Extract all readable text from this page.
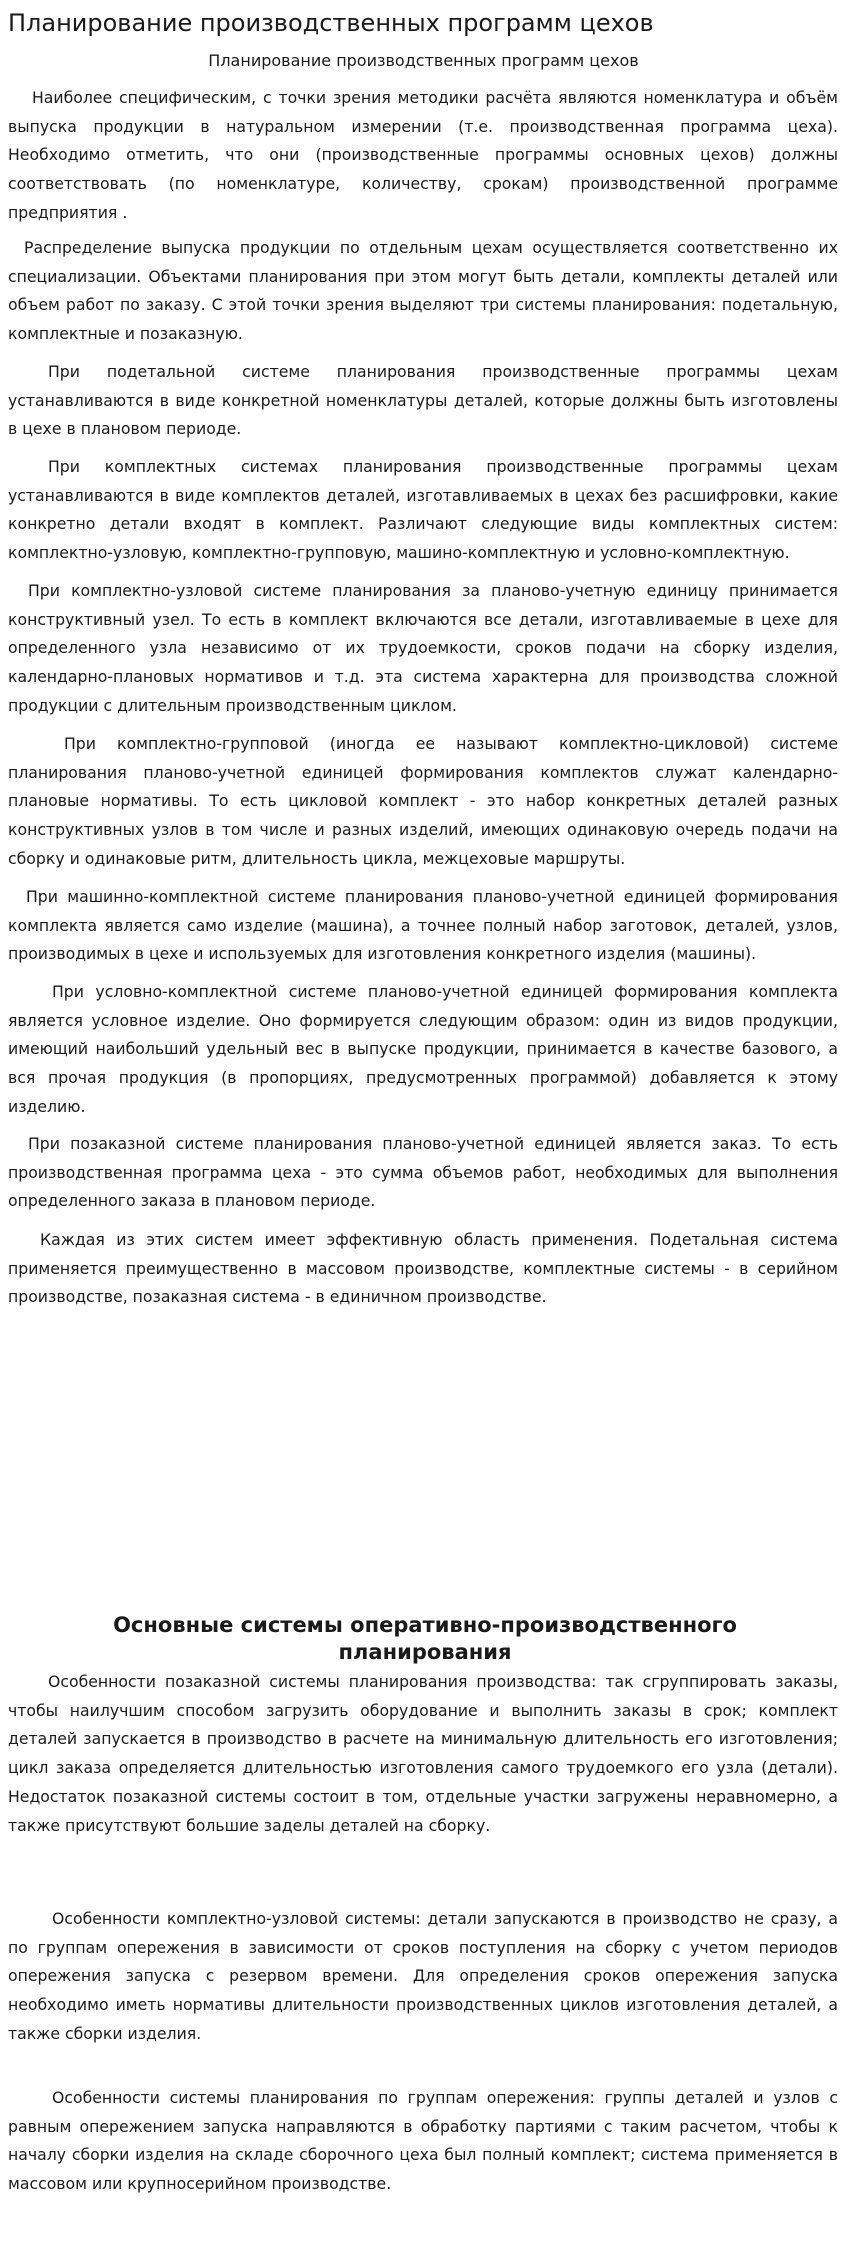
Планирование производственных программ цехов

Планирование производственных программ цехов

Наиболее специфическим, с точки зрения методики расчёта являются номенклатура и объём выпуска продукции в натуральном измерении (т.е. производственная программа цеха). Необходимо отметить, что они (производственные программы основных цехов) должны соответствовать (по номенклатуре, количеству, срокам) производственной программе предприятия .

Распределение выпуска продукции по отдельным цехам осуществляется соответственно их специализации. Объектами планирования при этом могут быть детали, комплекты деталей или объем работ по заказу. С этой точки зрения выделяют три системы планирования: подетальную, комплектные и позаказную.

При подетальной системе планирования производственные программы цехам устанавливаются в виде конкретной номенклатуры деталей, которые должны быть изготовлены в цехе в плановом периоде.

При комплектных системах планирования производственные программы цехам устанавливаются в виде комплектов деталей, изготавливаемых в цехах без расшифровки, какие конкретно детали входят в комплект. Различают следующие виды комплектных систем: комплектно-узловую, комплектно-групповую, машино-комплектную и условно-комплектную.

При комплектно-узловой системе планирования за планово-учетную единицу принимается конструктивный узел. То есть в комплект включаются все детали, изготавливаемые в цехе для определенного узла независимо от их трудоемкости, сроков подачи на сборку изделия, календарно-плановых нормативов и т.д. эта система характерна для производства сложной продукции с длительным производственным циклом.

При комплектно-групповой (иногда ее называют комплектно-цикловой) системе планирования планово-учетной единицей формирования комплектов служат календарно-плановые нормативы. То есть цикловой комплект - это набор конкретных деталей разных конструктивных узлов в том числе и разных изделий, имеющих одинаковую очередь подачи на сборку и одинаковые ритм, длительность цикла, межцеховые маршруты.

При машинно-комплектной системе планирования планово-учетной единицей формирования комплекта является само изделие (машина), а точнее полный набор заготовок, деталей, узлов, производимых в цехе и используемых для изготовления конкретного изделия (машины).

При условно-комплектной системе планово-учетной единицей формирования комплекта является условное изделие. Оно формируется следующим образом: один из видов продукции, имеющий наибольший удельный вес в выпуске продукции, принимается в качестве базового, а вся прочая продукция (в пропорциях, предусмотренных программой) добавляется к этому изделию.

При позаказной системе планирования планово-учетной единицей является заказ. То есть производственная программа цеха - это сумма объемов работ, необходимых для выполнения определенного заказа в плановом периоде.

Каждая из этих систем имеет эффективную область применения. Подетальная система применяется преимущественно в массовом производстве, комплектные системы - в серийном производстве, позаказная система - в единичном производстве.

Основные системы оперативно-производственного планирования

Особенности позаказной системы планирования производства: так сгруппировать заказы, чтобы наилучшим способом загрузить оборудование и выполнить заказы в срок; комплект деталей запускается в производство в расчете на минимальную длительность его изготовления; цикл заказа определяется длительностью изготовления самого трудоемкого его узла (детали). Недостаток позаказной системы состоит в том, отдельные участки загружены неравномерно, а также присутствуют большие заделы деталей на сборку.

Особенности комплектно-узловой системы: детали запускаются в производство не сразу, а по группам опережения в зависимости от сроков поступления на сборку с учетом периодов опережения запуска с резервом времени. Для определения сроков опережения запуска необходимо иметь нормативы длительности производственных циклов изготовления деталей, а также сборки изделия.

Особенности системы планирования по группам опережения: группы деталей и узлов с равным опережением запуска направляются в обработку партиями с таким расчетом, чтобы к началу сборки изделия на складе сборочного цеха был полный комплект; система применяется в массовом или крупносерийном производстве.
